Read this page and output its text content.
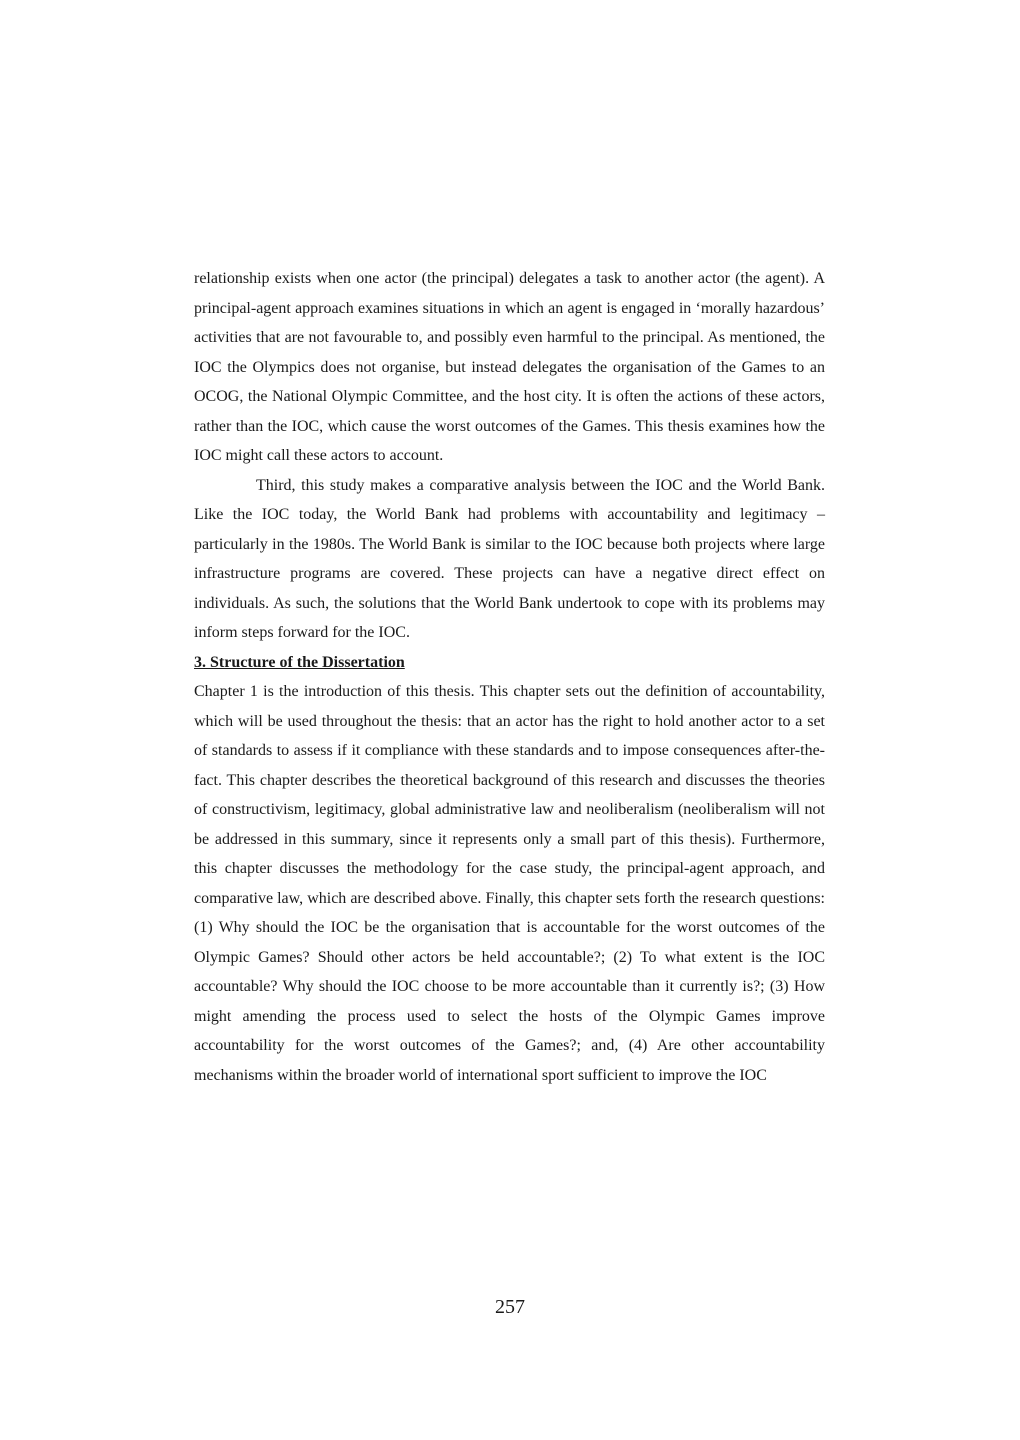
relationship exists when one actor (the principal) delegates a task to another actor (the agent). A principal-agent approach examines situations in which an agent is engaged in ‘morally hazardous’ activities that are not favourable to, and possibly even harmful to the principal. As mentioned, the IOC the Olympics does not organise, but instead delegates the organisation of the Games to an OCOG, the National Olympic Committee, and the host city. It is often the actions of these actors, rather than the IOC, which cause the worst outcomes of the Games. This thesis examines how the IOC might call these actors to account.

Third, this study makes a comparative analysis between the IOC and the World Bank. Like the IOC today, the World Bank had problems with accountability and legitimacy – particularly in the 1980s. The World Bank is similar to the IOC because both projects where large infrastructure programs are covered. These projects can have a negative direct effect on individuals. As such, the solutions that the World Bank undertook to cope with its problems may inform steps forward for the IOC.

3. Structure of the Dissertation

Chapter 1 is the introduction of this thesis. This chapter sets out the definition of accountability, which will be used throughout the thesis: that an actor has the right to hold another actor to a set of standards to assess if it compliance with these standards and to impose consequences after-the-fact. This chapter describes the theoretical background of this research and discusses the theories of constructivism, legitimacy, global administrative law and neoliberalism (neoliberalism will not be addressed in this summary, since it represents only a small part of this thesis). Furthermore, this chapter discusses the methodology for the case study, the principal-agent approach, and comparative law, which are described above. Finally, this chapter sets forth the research questions: (1) Why should the IOC be the organisation that is accountable for the worst outcomes of the Olympic Games? Should other actors be held accountable?; (2) To what extent is the IOC accountable? Why should the IOC choose to be more accountable than it currently is?; (3) How might amending the process used to select the hosts of the Olympic Games improve accountability for the worst outcomes of the Games?; and, (4) Are other accountability mechanisms within the broader world of international sport sufficient to improve the IOC

257
